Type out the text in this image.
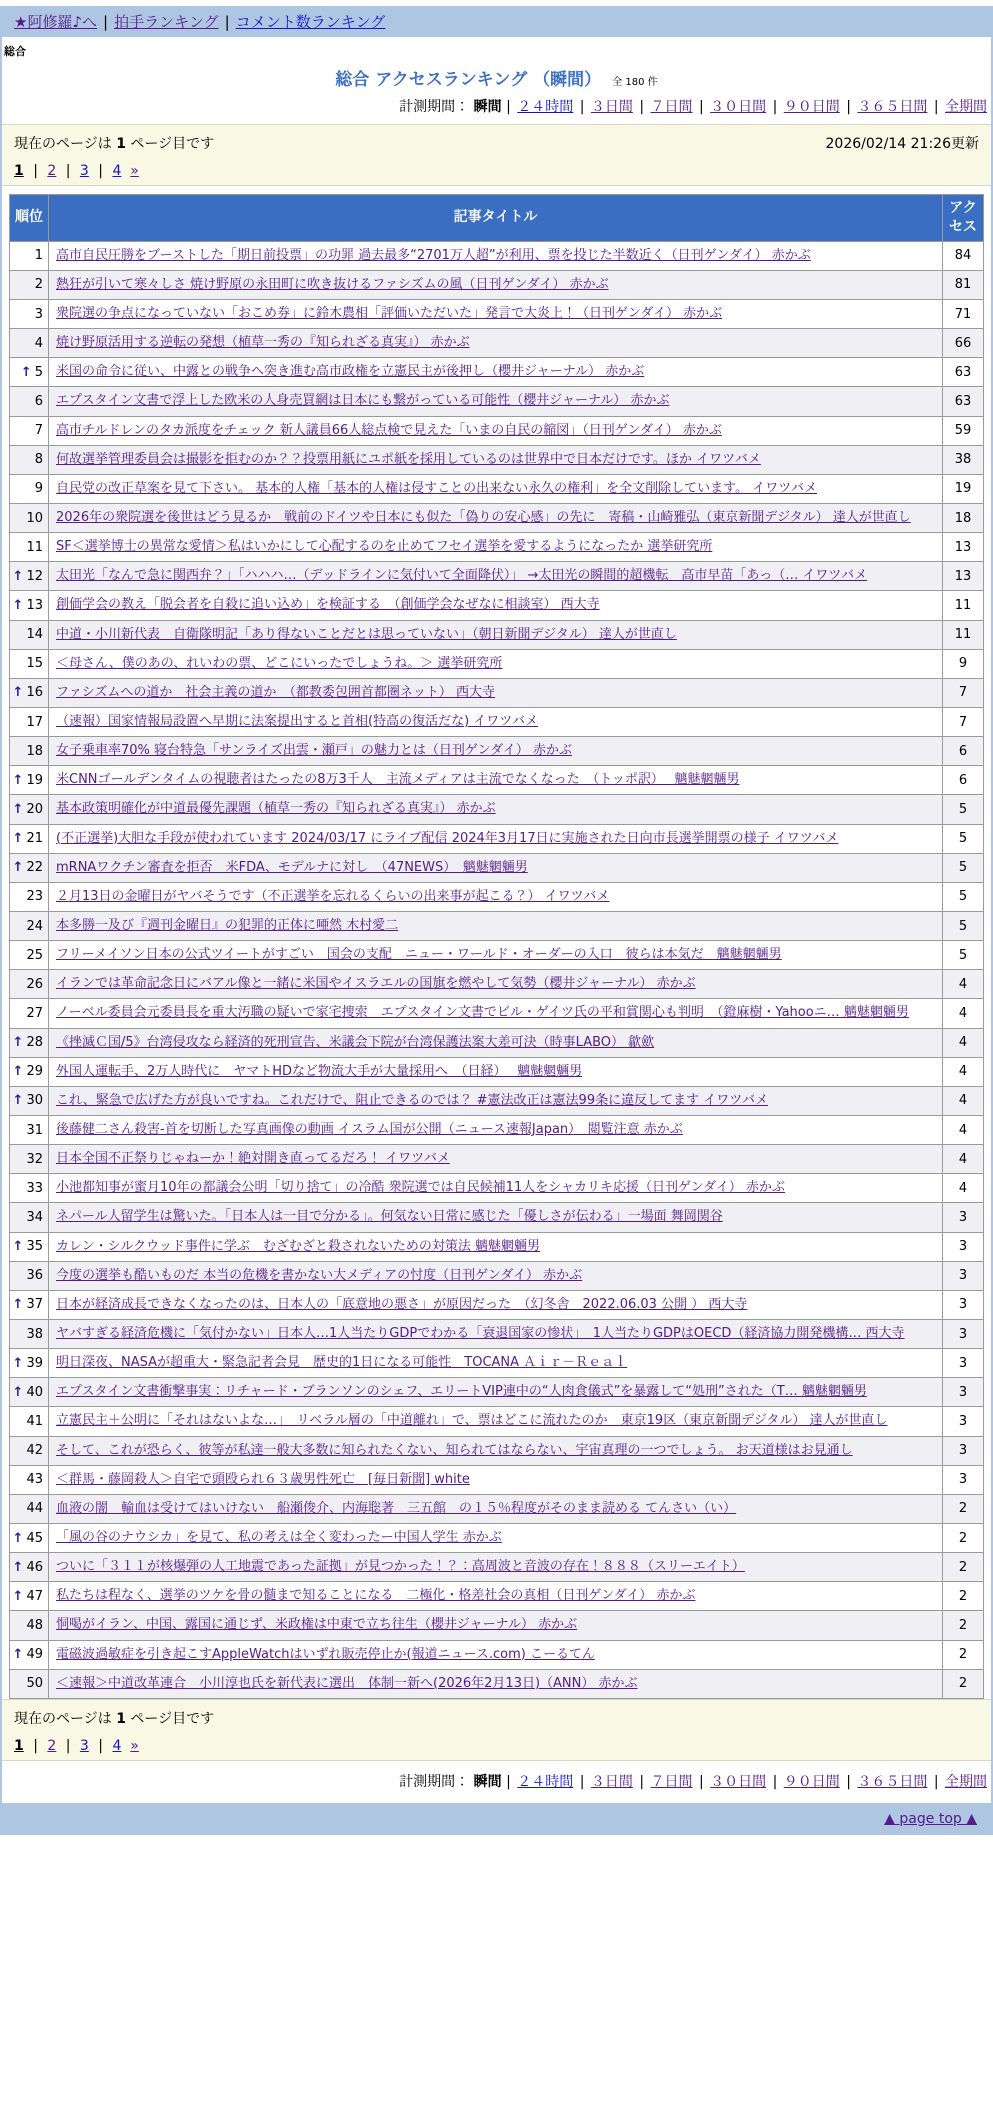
★阿修羅♪へ | 拍手ランキング | コメント数ランキング
総合
総合 アクセスランキング （瞬間） 全 180 件
計測期間： 瞬間 | ２４時間 | ３日間 | ７日間 | ３０日間 | ９０日間 | ３６５日間 | 全期間
現在のページは 1 ページ目です	2026/02/14 21:26更新
1 | 2 | 3 | 4 »
順位	記事タイトル	アクセス
1	高市自民圧勝をブーストした「期日前投票」の功罪 過去最多“2701万人超”が利用、票を投じた半数近く（日刊ゲンダイ） 赤かぶ	84
2	熱狂が引いて寒々しさ 焼け野原の永田町に吹き抜けるファシズムの風（日刊ゲンダイ） 赤かぶ	81
3	衆院選の争点になっていない「おこめ券」に鈴木農相「評価いただいた」発言で大炎上！（日刊ゲンダイ） 赤かぶ	71
4	焼け野原活用する逆転の発想（植草一秀の『知られざる真実』） 赤かぶ	66
↑ 5	米国の命令に従い、中露との戦争へ突き進む高市政権を立憲民主が後押し（櫻井ジャーナル） 赤かぶ	63
6	エプスタイン文書で浮上した欧米の人身売買網は日本にも繋がっている可能性（櫻井ジャーナル） 赤かぶ	63
7	高市チルドレンのタカ派度をチェック 新人議員66人総点検で見えた「いまの自民の縮図」（日刊ゲンダイ） 赤かぶ	59
8	何故選挙管理委員会は撮影を拒むのか？？投票用紙にユポ紙を採用しているのは世界中で日本だけです。ほか イワツバメ	38
9	自民党の改正草案を見て下さい。 基本的人権「基本的人権は侵すことの出来ない永久の権利」を全文削除しています。 イワツバメ	19
10	2026年の衆院選を後世はどう見るか　戦前のドイツや日本にも似た「偽りの安心感」の先に　寄稿・山崎雅弘（東京新聞デジタル） 達人が世直し	18
11	SF＜選挙博士の異常な愛情＞私はいかにして心配するのを止めてフセイ選挙を愛するようになったか 選挙研究所	13
↑ 12	太田光「なんで急に関西弁？」「ハハハ…（デッドラインに気付いて全面降伏）」 →太田光の瞬間的超機転　高市早苗「あっ（… イワツバメ	13
↑ 13	創価学会の教え「脱会者を自殺に追い込め」を検証する　（創価学会なぜなに相談室） 西大寺	11
14	中道・小川新代表　自衛隊明記「あり得ないことだとは思っていない」（朝日新聞デジタル） 達人が世直し	11
15	＜母さん、僕のあの、れいわの票、どこにいったでしょうね。＞ 選挙研究所	9
↑ 16	ファシズムへの道か　社会主義の道か　（都教委包囲首都圏ネット） 西大寺	7
17	（速報）国家情報局設置へ早期に法案提出すると首相(特高の復活だな) イワツバメ	7
18	女子乗車率70% 寝台特急「サンライズ出雲・瀬戸」の魅力とは（日刊ゲンダイ） 赤かぶ	6
↑ 19	米CNNゴールデンタイムの視聴者はたったの8万3千人　主流メディアは主流でなくなった　（トッポ訳）　 魑魅魍魎男	6
↑ 20	基本政策明確化が中道最優先課題（植草一秀の『知られざる真実』） 赤かぶ	5
↑ 21	(不正選挙)大胆な手段が使われています 2024/03/17 にライブ配信 2024年3月17日に実施された日向市長選挙開票の様子 イワツバメ	5
↑ 22	mRNAワクチン審査を拒否　米FDA、モデルナに対し　（47NEWS）　魑魅魍魎男	5
23	２月13日の金曜日がヤバそうです（不正選挙を忘れるくらいの出来事が起こる？） イワツバメ	5
24	本多勝一及び『週刊金曜日』の犯罪的正体に唖然 木村愛二	5
25	フリーメイソン日本の公式ツイートがすごい　国会の支配　ニュー・ワールド・オーダーの入口　彼らは本気だ　魑魅魍魎男	5
26	イランでは革命記念日にバアル像と一緒に米国やイスラエルの国旗を燃やして気勢（櫻井ジャーナル） 赤かぶ	4
27	ノーベル委員会元委員長を重大汚職の疑いで家宅捜索　エプスタイン文書でビル・ゲイツ氏の平和賞関心も判明　（鐙麻樹・Yahooニ… 魑魅魍魎男	4
↑ 28	《挫滅Ｃ国/5》台湾侵攻なら経済的死刑宣告、米議会下院が台湾保護法案大差可決（時事LABO） 歙歛	4
↑ 29	外国人運転手、2万人時代に　ヤマトHDなど物流大手が大量採用へ　（日経）　 魑魅魍魎男	4
↑ 30	これ、緊急で広げた方が良いですね。これだけで、阻止できるのでは？ #憲法改正は憲法99条に違反してます イワツバメ	4
31	後藤健二さん殺害-首を切断した写真画像の動画 イスラム国が公開（ニュース速報Japan）　閲覧注意 赤かぶ	4
32	日本全国不正祭りじゃねーか！絶対開き直ってるだろ！ イワツバメ	4
33	小池都知事が蜜月10年の都議会公明「切り捨て」の冷酷 衆院選では自民候補11人をシャカリキ応援（日刊ゲンダイ） 赤かぶ	4
34	ネパール人留学生は驚いた。「日本人は一目で分かる」。何気ない日常に感じた「優しさが伝わる」一場面 舞岡関谷	3
↑ 35	カレン・シルクウッド事件に学ぶ　むざむざと殺されないための対策法 魑魅魍魎男	3
36	今度の選挙も酷いものだ 本当の危機を書かない大メディアの忖度（日刊ゲンダイ） 赤かぶ	3
↑ 37	日本が経済成長できなくなったのは、日本人の「底意地の悪さ」が原因だった　（幻冬舎　2022.06.03 公開 ） 西大寺	3
38	ヤバすぎる経済危機に「気付かない」日本人…1人当たりGDPでわかる「衰退国家の惨状」　1人当たりGDPはOECD（経済協力開発機構… 西大寺	3
↑ 39	明日深夜、NASAが超重大・緊急記者会見　歴史的1日になる可能性　TOCANA Ａｉｒ－Ｒｅａｌ	3
↑ 40	エプスタイン文書衝撃事実：リチャード・ブランソンのシェフ、エリートVIP連中の“人肉食儀式”を暴露して“処刑”された（T… 魑魅魍魎男	3
41	立憲民主＋公明に「それはないよな…」　リベラル層の「中道離れ」で、票はどこに流れたのか　東京19区（東京新聞デジタル） 達人が世直し	3
42	そして、これが恐らく、彼等が私達一般大多数に知られたくない、知られてはならない、宇宙真理の一つでしょう。 お天道様はお見通し	3
43	＜群馬・藤岡殺人＞自宅で頭殴られ６３歳男性死亡　[毎日新聞] white	3
44	血液の闇　輸血は受けてはいけない　船瀬俊介、内海聡著　三五館　の１５％程度がそのまま読める てんさい（い）	2
↑ 45	「風の谷のナウシカ」を見て、私の考えは全く変わったー中国人学生 赤かぶ	2
↑ 46	ついに「３１１が核爆弾の人工地震であった証拠」が見つかった！？：高周波と音波の存在！８８８（スリーエイト）	2
↑ 47	私たちは程なく、選挙のツケを骨の髄まで知ることになる　二極化・格差社会の真相（日刊ゲンダイ） 赤かぶ	2
48	恫喝がイラン、中国、露国に通じず、米政権は中東で立ち往生（櫻井ジャーナル） 赤かぶ	2
↑ 49	電磁波過敏症を引き起こすAppleWatchはいずれ販売停止か(報道ニュース.com) こーるてん	2
50	＜速報＞中道改革連合　小川淳也氏を新代表に選出　体制一新へ(2026年2月13日)（ANN） 赤かぶ	2
現在のページは 1 ページ目です
1 | 2 | 3 | 4 »
計測期間： 瞬間 | ２４時間 | ３日間 | ７日間 | ３０日間 | ９０日間 | ３６５日間 | 全期間
▲ page top ▲
